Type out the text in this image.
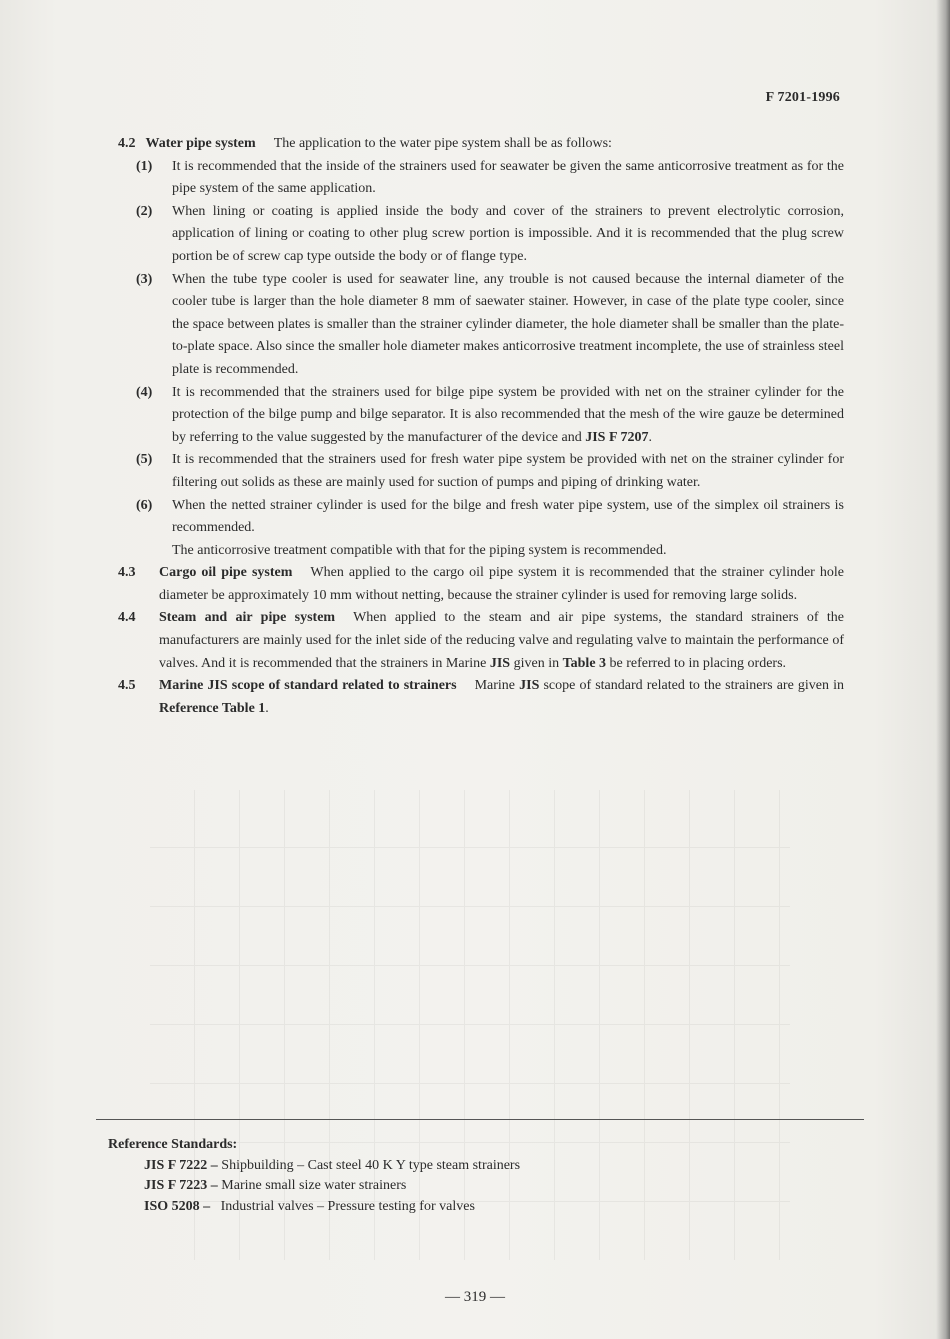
F 7201-1996

4.2 Water pipe system The application to the water pipe system shall be as follows:

(1) It is recommended that the inside of the strainers used for seawater be given the same anticorrosive treatment as for the pipe system of the same application.

(2) When lining or coating is applied inside the body and cover of the strainers to prevent electrolytic corrosion, application of lining or coating to other plug screw portion is impossible. And it is recommended that the plug screw portion be of screw cap type outside the body or of flange type.

(3) When the tube type cooler is used for seawater line, any trouble is not caused because the internal diameter of the cooler tube is larger than the hole diameter 8 mm of saewater stainer. However, in case of the plate type cooler, since the space between plates is smaller than the strainer cylinder diameter, the hole diameter shall be smaller than the plate-to-plate space. Also since the smaller hole diameter makes anticorrosive treatment incomplete, the use of strainless steel plate is recommended.

(4) It is recommended that the strainers used for bilge pipe system be provided with net on the strainer cylinder for the protection of the bilge pump and bilge separator. It is also recommended that the mesh of the wire gauze be determined by referring to the value suggested by the manufacturer of the device and JIS F 7207.

(5) It is recommended that the strainers used for fresh water pipe system be provided with net on the strainer cylinder for filtering out solids as these are mainly used for suction of pumps and piping of drinking water.

(6) When the netted strainer cylinder is used for the bilge and fresh water pipe system, use of the simplex oil strainers is recommended.

The anticorrosive treatment compatible with that for the piping system is recommended.

4.3 Cargo oil pipe system When applied to the cargo oil pipe system it is recommended that the strainer cylinder hole diameter be approximately 10 mm without netting, because the strainer cylinder is used for removing large solids.

4.4 Steam and air pipe system When applied to the steam and air pipe systems, the standard strainers of the manufacturers are mainly used for the inlet side of the reducing valve and regulating valve to maintain the performance of valves. And it is recommended that the strainers in Marine JIS given in Table 3 be referred to in placing orders.

4.5 Marine JIS scope of standard related to strainers Marine JIS scope of standard related to the strainers are given in Reference Table 1.

Reference Standards:
JIS F 7222 – Shipbuilding – Cast steel 40 K Y type steam strainers
JIS F 7223 – Marine small size water strainers
ISO 5208 – Industrial valves – Pressure testing for valves
— 319 —
